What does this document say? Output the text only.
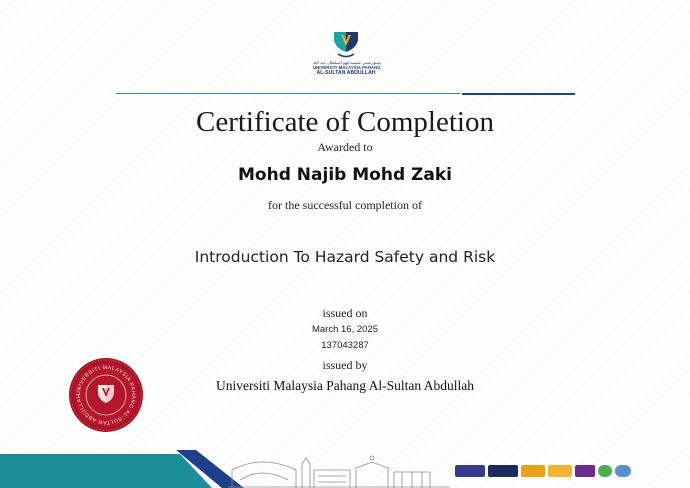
يونيۏرسيتي مليسيا ڤهڠ السلطان عبد الله
UNIVERSITI MALAYSIA PAHANG
AL-SULTAN ABDULLAH
Certificate of Completion
Awarded to
Mohd Najib Mohd Zaki
for the successful completion of
Introduction To Hazard Safety and Risk
issued on
March 16, 2025
137043287
issued by
Universiti Malaysia Pahang Al-Sultan Abdullah
UNIVERSITI MALAYSIA PAHANG AL-SULTAN ABDULLAH
